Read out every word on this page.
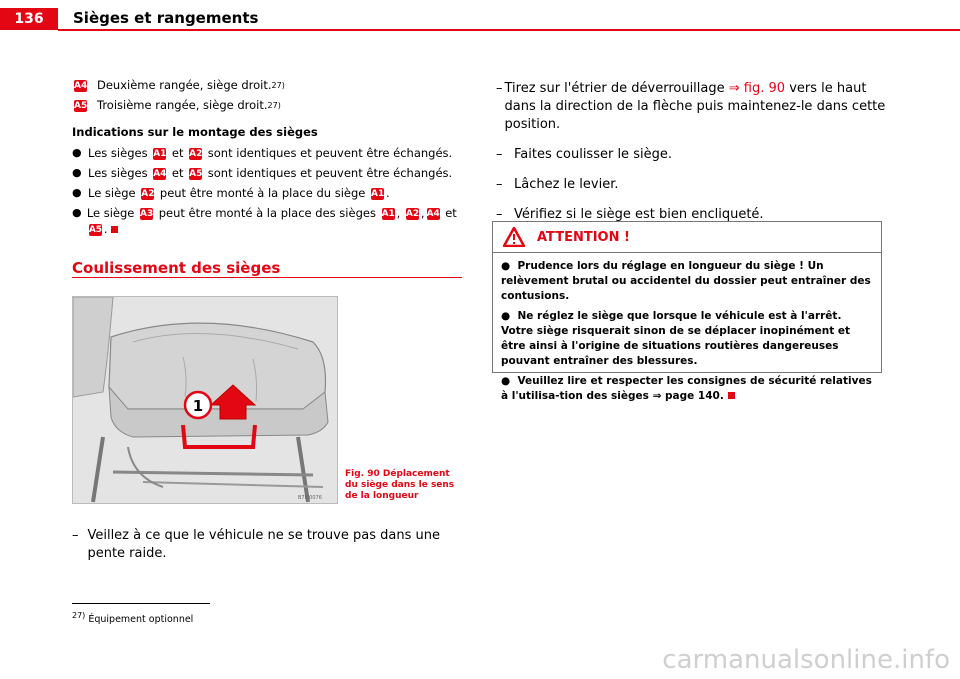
136	Sièges et rangements
A4 Deuxième rangée, siège droit. 27)
A5 Troisième rangée, siège droit. 27)
Indications sur le montage des sièges
● Les sièges A1 et A2 sont identiques et peuvent être échangés.
● Les sièges A4 et A5 sont identiques et peuvent être échangés.
● Le siège A2 peut être monté à la place du siège A1 .
● Le siège A3 peut être monté à la place des sièges A1 , A2 , A4 et A5 .
Coulissement des sièges
1
B7K-0076
Fig. 90 Déplacement du siège dans le sens de la longueur
– Veillez à ce que le véhicule ne se trouve pas dans une pente raide.
– Tirez sur l'étrier de déverrouillage ⇒ fig. 90 vers le haut dans la direction de la flèche puis maintenez-le dans cette position.
– Faites coulisser le siège.
– Lâchez le levier.
– Vérifiez si le siège est bien encliqueté.
ATTENTION !
● Prudence lors du réglage en longueur du siège ! Un relèvement brutal ou accidentel du dossier peut entraîner des contusions.
● Ne réglez le siège que lorsque le véhicule est à l'arrêt. Votre siège risquerait sinon de se déplacer inopinément et être ainsi à l'origine de situations routières dangereuses pouvant entraîner des blessures.
● Veuillez lire et respecter les consignes de sécurité relatives à l'utilisa-tion des sièges ⇒ page 140.
$^{27)}$ Équipement optionnel
carmanualsonline.info
